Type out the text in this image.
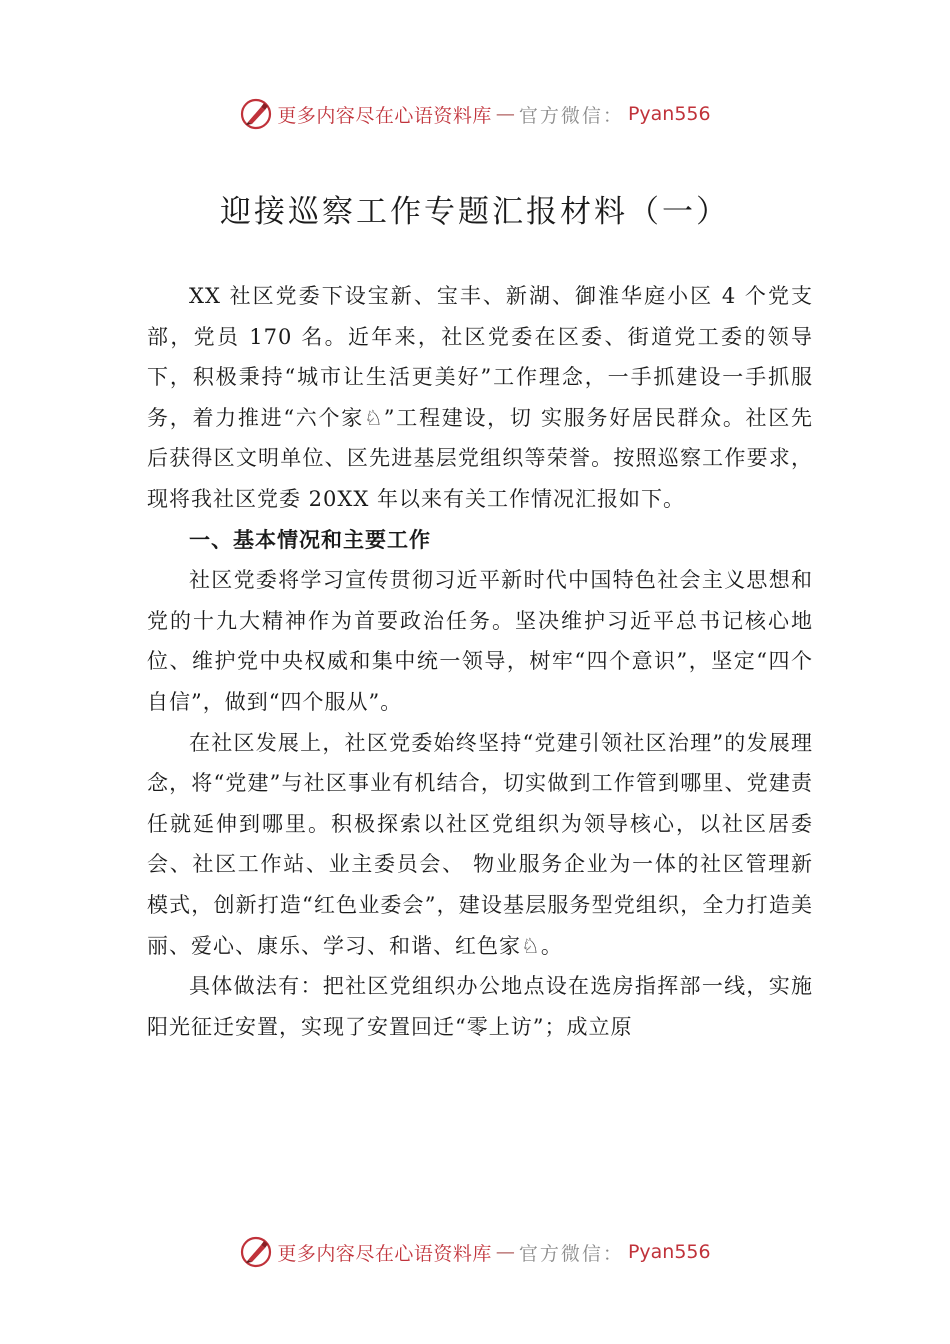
更多内容尽在心语资料库 — 官方微信： Pyan556
迎接巡察工作专题汇报材料（一）

XX 社区党委下设宝新、宝丰、新湖、御淮华庭小区 4 个党支部，党员 170 名。近年来，社区党委在区委、街道党工委的领导下，积极秉持“城市让生活更美好”工作理念，一手抓建设一手抓服务，着力推进“六个家♘”工程建设，切 实服务好居民群众。社区先后获得区文明单位、区先进基层党组织等荣誉。按照巡察工作要求，现将我社区党委 20XX 年以来有关工作情况汇报如下。

一、基本情况和主要工作

社区党委将学习宣传贯彻习近平新时代中国特色社会主义思想和党的十九大精神作为首要政治任务。坚决维护习近平总书记核心地位、维护党中央权威和集中统一领导，树牢“四个意识”，坚定“四个自信”，做到“四个服从”。

在社区发展上，社区党委始终坚持“党建引领社区治理”的发展理念，将“党建”与社区事业有机结合，切实做到工作管到哪里、党建责任就延伸到哪里。积极探索以社区党组织为领导核心，以社区居委会、社区工作站、业主委员会、 物业服务企业为一体的社区管理新模式，创新打造“红色业委会”，建设基层服务型党组织，全力打造美丽、爱心、康乐、学习、和谐、红色家♘。

具体做法有：把社区党组织办公地点设在选房指挥部一线，实施阳光征迁安置，实现了安置回迁“零上访”；成立原

更多内容尽在心语资料库 — 官方微信： Pyan556
